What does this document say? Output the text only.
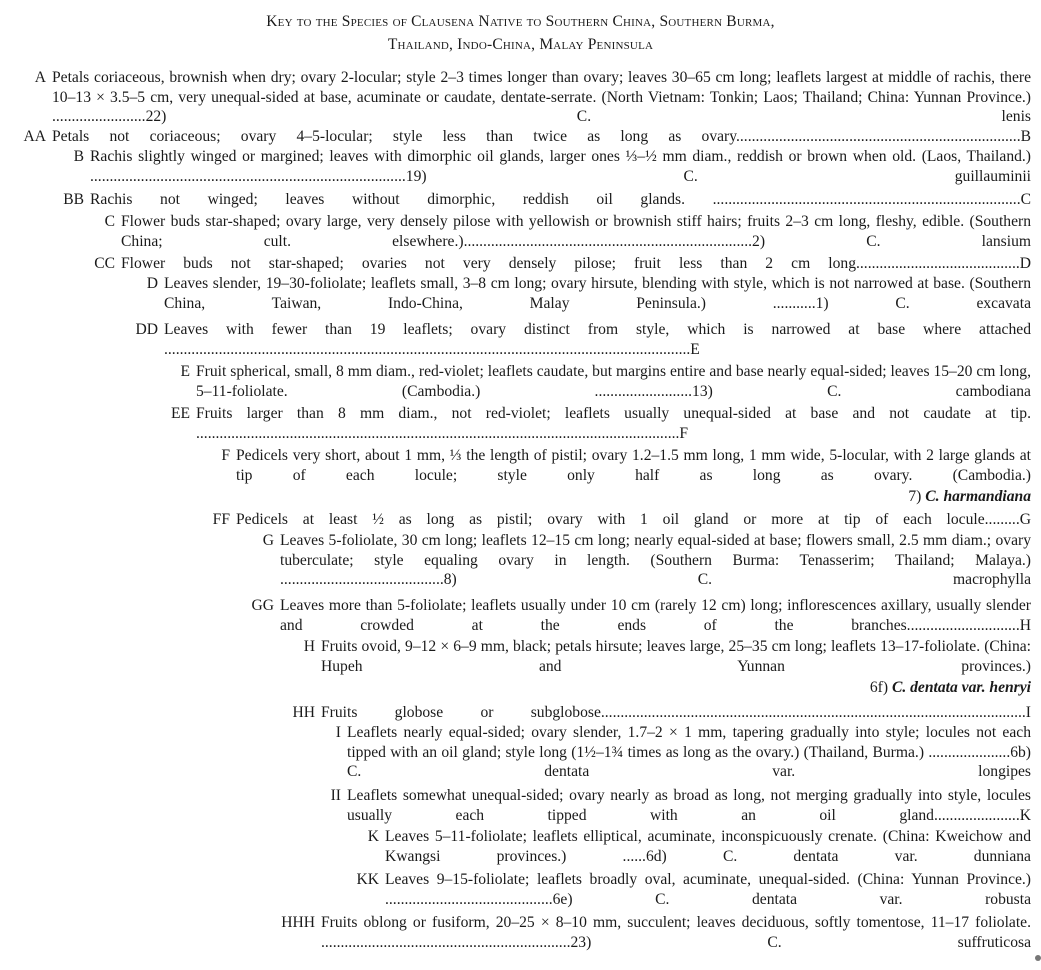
Key to the Species of Clausena Native to Southern China, Southern Burma,
Thailand, Indo-China, Malay Peninsula
A Petals coriaceous, brownish when dry; ovary 2-locular; style 2–3 times longer than ovary; leaves 30–65 cm long; leaflets largest at middle of rachis, there 10–13 × 3.5–5 cm, very unequal-sided at base, acuminate or caudate, dentate-serrate. (North Vietnam: Tonkin; Laos; Thailand; China: Yunnan Province.) ........................22)	C. lenis
AA Petals not coriaceous; ovary 4–5-locular; style less than twice as long as ovary.........................................................................B
B Rachis slightly winged or margined; leaves with dimorphic oil glands, larger ones ⅓–½ mm diam., reddish or brown when old. (Laos, Thailand.) .................................................................................19)	C. guillauminii
BB Rachis not winged; leaves without dimorphic, reddish oil glands. ...............................................................................C
C Flower buds star-shaped; ovary large, very densely pilose with yellowish or brownish stiff hairs; fruits 2–3 cm long, fleshy, edible. (Southern China; cult. elsewhere.)..........................................................................2)	C. lansium
CC Flower buds not star-shaped; ovaries not very densely pilose; fruit less than 2 cm long..........................................D
D Leaves slender, 19–30-foliolate; leaflets small, 3–8 cm long; ovary hirsute, blending with style, which is not narrowed at base. (Southern China, Taiwan, Indo-China, Malay Peninsula.) ...........1)	C. excavata
DD Leaves with fewer than 19 leaflets; ovary distinct from style, which is narrowed at base where attached .......................................................................................................................................E
E Fruit spherical, small, 8 mm diam., red-violet; leaflets caudate, but margins entire and base nearly equal-sided; leaves 15–20 cm long, 5–11-foliolate. (Cambodia.) .........................13)	C. cambodiana
EE Fruits larger than 8 mm diam., not red-violet; leaflets usually unequal-sided at base and not caudate at tip. ............................................................................................................................F
F Pedicels very short, about 1 mm, ⅓ the length of pistil; ovary 1.2–1.5 mm long, 1 mm wide, 5-locular, with 2 large glands at tip of each locule; style only half as long as ovary. (Cambodia.)
7) C. harmandiana
FF Pedicels at least ½ as long as pistil; ovary with 1 oil gland or more at tip of each locule.........G
G Leaves 5-foliolate, 30 cm long; leaflets 12–15 cm long; nearly equal-sided at base; flowers small, 2.5 mm diam.; ovary tuberculate; style equaling ovary in length. (Southern Burma: Tenasserim; Thailand; Malaya.) ..........................................8)	C. macrophylla
GG Leaves more than 5-foliolate; leaflets usually under 10 cm (rarely 12 cm) long; inflorescences axillary, usually slender and crowded at the ends of the branches.............................H
H Fruits ovoid, 9–12 × 6–9 mm, black; petals hirsute; leaves large, 25–35 cm long; leaflets 13–17-foliolate. (China: Hupeh and Yunnan provinces.)
6f) C. dentata var. henryi
HH Fruits globose or subglobose.............................................................................................................I
I Leaflets nearly equal-sided; ovary slender, 1.7–2 × 1 mm, tapering gradually into style; locules not each tipped with an oil gland; style long (1½–1¾ times as long as the ovary.) (Thailand, Burma.) .....................6b) C. dentata var. longipes
II Leaflets somewhat unequal-sided; ovary nearly as broad as long, not merging gradually into style, locules usually each tipped with an oil gland......................K
K Leaves 5–11-foliolate; leaflets elliptical, acuminate, inconspicuously crenate. (China: Kweichow and Kwangsi provinces.) ......6d)	C. dentata var. dunniana
KK Leaves 9–15-foliolate; leaflets broadly oval, acuminate, unequal-sided. (China: Yunnan Province.) ...........................................6e)	C. dentata var. robusta
HHH Fruits oblong or fusiform, 20–25 × 8–10 mm, succulent; leaves deciduous, softly tomentose, 11–17 foliolate. ................................................................23)	C. suffruticosa
